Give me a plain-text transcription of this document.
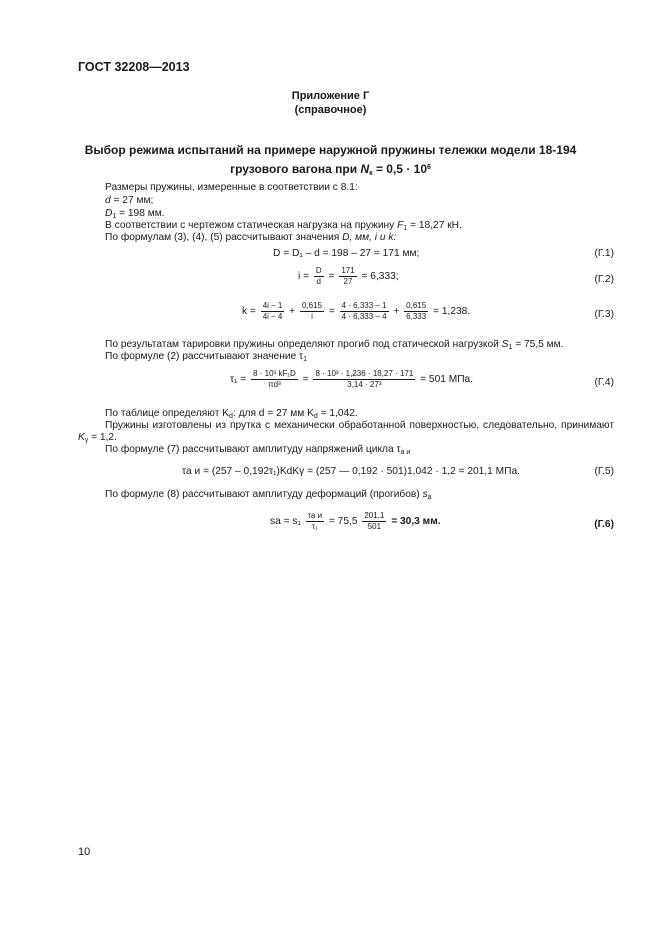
ГОСТ 32208—2013
Приложение Г
(справочное)
Выбор режима испытаний на примере наружной пружины тележки модели 18-194
грузового вагона при $N_к = 0,5 \cdot 10^6$
Размеры пружины, измеренные в соответствии с 8.1:
d = 27 мм;
$D_1 = 198$ мм.
В соответствии с чертежом статическая нагрузка на пружину $F_1 = 18,27$ кН.
По формулам (3), (4), (5) рассчитывают значения D, мм, i и k:
D = D₁ – d = 198 – 27 = 171 мм;	(Г.1)
$i = \frac{D}{d} = \frac{171}{27} = 6,333$;	(Г.2)
$k = \frac{4i - 1}{4i - 4} + \frac{0,615}{i} = \frac{4 \cdot 6,333 - 1}{4 \cdot 6,333 - 4} + \frac{0,615}{6,333} = 1,238$.	(Г.3)
По результатам тарировки пружины определяют прогиб под статической нагрузкой $S_1 = 75,5$ мм.
По формуле (2) рассчитывают значение $\tau_1$
$\tau_1 = \frac{\text{8 · 10³ kF₁D}}{\text{πd³}} = \frac{\text{8 · 10³ · 1,236 · 18,27 · 171}}{\text{3,14 · 27³}} = 501$ МПа.	(Г.4)
По таблице определяют $K_d$: для d = 27 мм $K_d = 1,042$.
Пружины изготовлены из прутка с механически обработанной поверхностью, следовательно, принимают
$K_\gamma = 1,2$.
По формуле (7) рассчитывают амплитуду напряжений цикла $\tau_{а и}$
τа и = (257 – 0,192τ₁)KdKγ = (257 — 0,192 · 501)1,042 · 1,2 = 201,1 МПа.	(Г.5)
По формуле (8) рассчитывают амплитуду деформаций (прогибов) $s_а$
sа = $s_1 \frac{\text{τа и}}{\text{τ₁}} = 75,5 \frac{201,1}{501} = 30,3$ мм.	(Г.6)
10
